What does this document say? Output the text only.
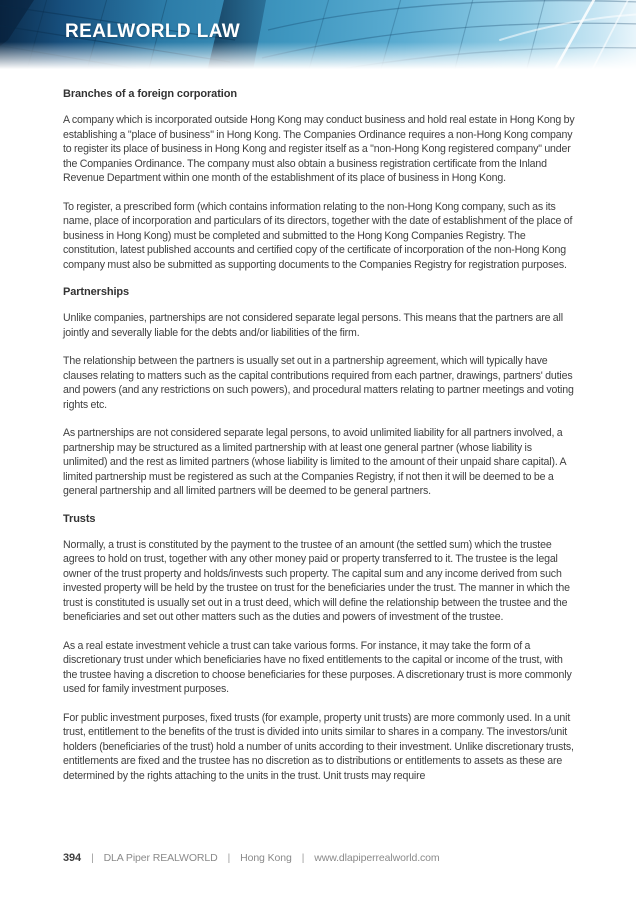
REALWORLD LAW
Branches of a foreign corporation

A company which is incorporated outside Hong Kong may conduct business and hold real estate in Hong Kong by establishing a "place of business" in Hong Kong. The Companies Ordinance requires a non-Hong Kong company to register its place of business in Hong Kong and register itself as a "non-Hong Kong registered company" under the Companies Ordinance. The company must also obtain a business registration certificate from the Inland Revenue Department within one month of the establishment of its place of business in Hong Kong.

To register, a prescribed form (which contains information relating to the non-Hong Kong company, such as its name, place of incorporation and particulars of its directors, together with the date of establishment of the place of business in Hong Kong) must be completed and submitted to the Hong Kong Companies Registry. The constitution, latest published accounts and certified copy of the certificate of incorporation of the non-Hong Kong company must also be submitted as supporting documents to the Companies Registry for registration purposes.

Partnerships

Unlike companies, partnerships are not considered separate legal persons. This means that the partners are all jointly and severally liable for the debts and/or liabilities of the firm.

The relationship between the partners is usually set out in a partnership agreement, which will typically have clauses relating to matters such as the capital contributions required from each partner, drawings, partners' duties and powers (and any restrictions on such powers), and procedural matters relating to partner meetings and voting rights etc.

As partnerships are not considered separate legal persons, to avoid unlimited liability for all partners involved, a partnership may be structured as a limited partnership with at least one general partner (whose liability is unlimited) and the rest as limited partners (whose liability is limited to the amount of their unpaid share capital). A limited partnership must be registered as such at the Companies Registry, if not then it will be deemed to be a general partnership and all limited partners will be deemed to be general partners.

Trusts

Normally, a trust is constituted by the payment to the trustee of an amount (the settled sum) which the trustee agrees to hold on trust, together with any other money paid or property transferred to it. The trustee is the legal owner of the trust property and holds/invests such property. The capital sum and any income derived from such invested property will be held by the trustee on trust for the beneficiaries under the trust. The manner in which the trust is constituted is usually set out in a trust deed, which will define the relationship between the trustee and the beneficiaries and set out other matters such as the duties and powers of investment of the trustee.

As a real estate investment vehicle a trust can take various forms. For instance, it may take the form of a discretionary trust under which beneficiaries have no fixed entitlements to the capital or income of the trust, with the trustee having a discretion to choose beneficiaries for these purposes. A discretionary trust is more commonly used for family investment purposes.

For public investment purposes, fixed trusts (for example, property unit trusts) are more commonly used. In a unit trust, entitlement to the benefits of the trust is divided into units similar to shares in a company. The investors/unit holders (beneficiaries of the trust) hold a number of units according to their investment. Unlike discretionary trusts, entitlements are fixed and the trustee has no discretion as to distributions or entitlements to assets as these are determined by the rights attaching to the units in the trust. Unit trusts may require

394 | DLA Piper REALWORLD | Hong Kong | www.dlapiperrealworld.com
